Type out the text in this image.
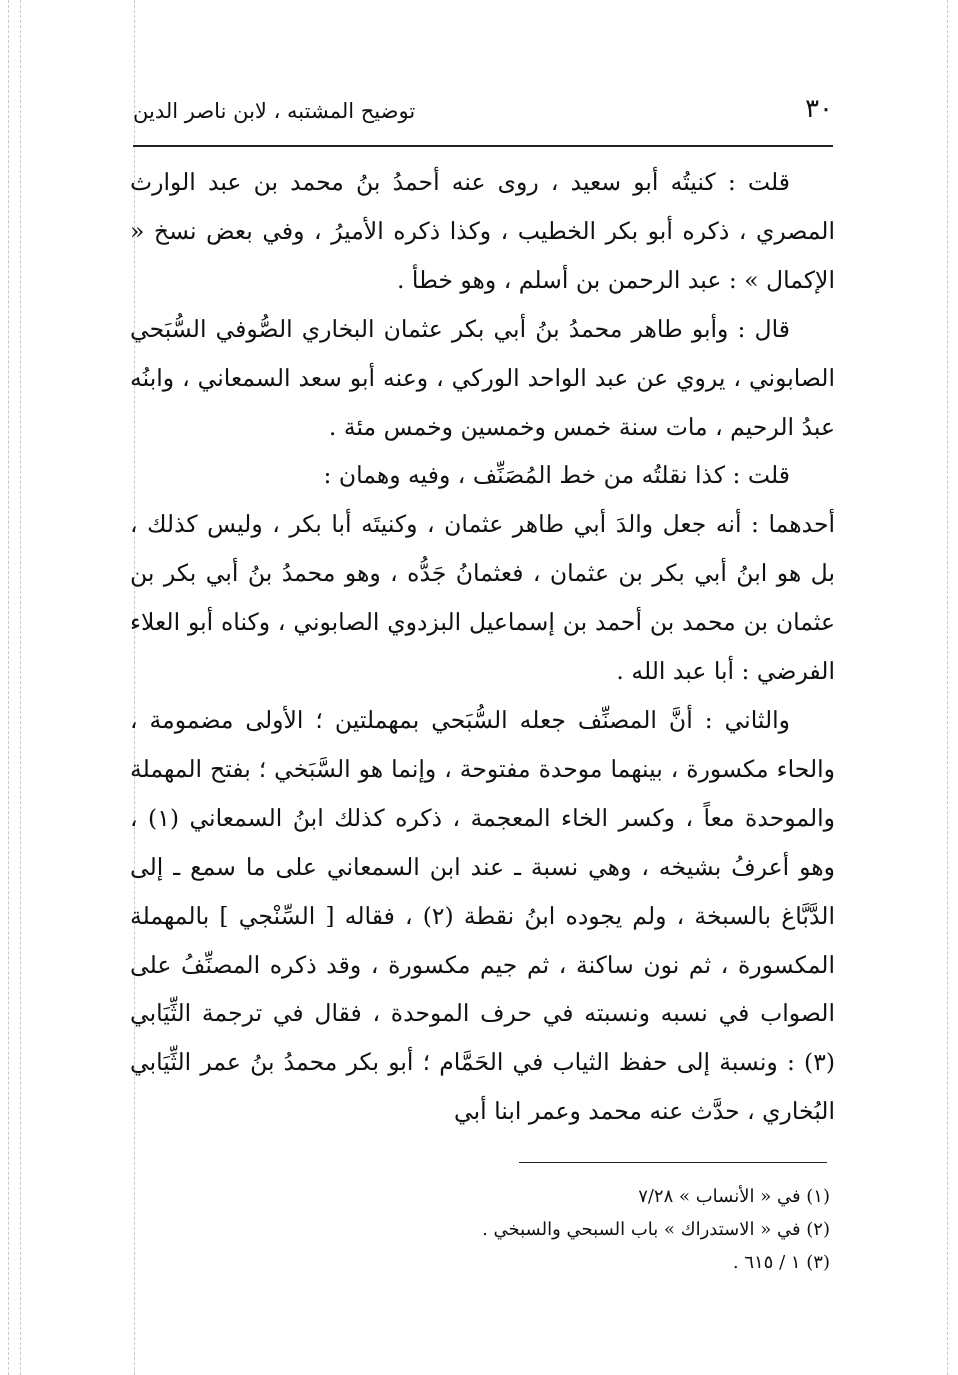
٣٠
توضيح المشتبه ، لابن ناصر الدين

قلت : كنيتُه أبو سعيد ، روى عنه أحمدُ بنُ محمد بن عبد الوارث المصري ، ذكره أبو بكر الخطيب ، وكذا ذكره الأميرُ ، وفي بعض نسخ « الإكمال » : عبد الرحمن بن أسلم ، وهو خطأ .

قال : وأبو طاهر محمدُ بنُ أبي بكر عثمان البخاري الصُّوفي السُّبَحي الصابوني ، يروي عن عبد الواحد الوركي ، وعنه أبو سعد السمعاني ، وابنُه عبدُ الرحيم ، مات سنة خمس وخمسين وخمس مئة .

قلت : كذا نقلتُه من خط المُصَنِّف ، وفيه وهمان :

أحدهما : أنه جعل والدَ أبي طاهر عثمان ، وكنيتَه أبا بكر ، وليس كذلك ، بل هو ابنُ أبي بكر بن عثمان ، فعثمانُ جَدُّه ، وهو محمدُ بنُ أبي بكر بن عثمان بن محمد بن أحمد بن إسماعيل البزدوي الصابوني ، وكناه أبو العلاء الفرضي : أبا عبد الله .

والثاني : أنَّ المصنِّف جعله السُّبَحي بمهملتين ؛ الأولى مضمومة ، والحاء مكسورة ، بينهما موحدة مفتوحة ، وإنما هو السَّبَخي ؛ بفتح المهملة والموحدة معاً ، وكسر الخاء المعجمة ، ذكره كذلك ابنُ السمعاني (١) ، وهو أعرفُ بشيخه ، وهي نسبة ـ عند ابن السمعاني على ما سمع ـ إلى الدَّبَّاغ بالسبخة ، ولم يجوده ابنُ نقطة (٢) ، فقاله [ السِّنْجي ] بالمهملة المكسورة ، ثم نون ساكنة ، ثم جيم مكسورة ، وقد ذكره المصنِّفُ على الصواب في نسبه ونسبته في حرف الموحدة ، فقال في ترجمة الثِّيَابي (٣) : ونسبة إلى حفظ الثياب في الحَمَّام ؛ أبو بكر محمدُ بنُ عمر الثِّيَابي البُخاري ، حدَّث عنه محمد وعمر ابنا أبي

(١) في « الأنساب » ٧/٢٨

(٢) في « الاستدراك » باب السبحي والسبخي .

(٣) ١ / ٦١٥ .
